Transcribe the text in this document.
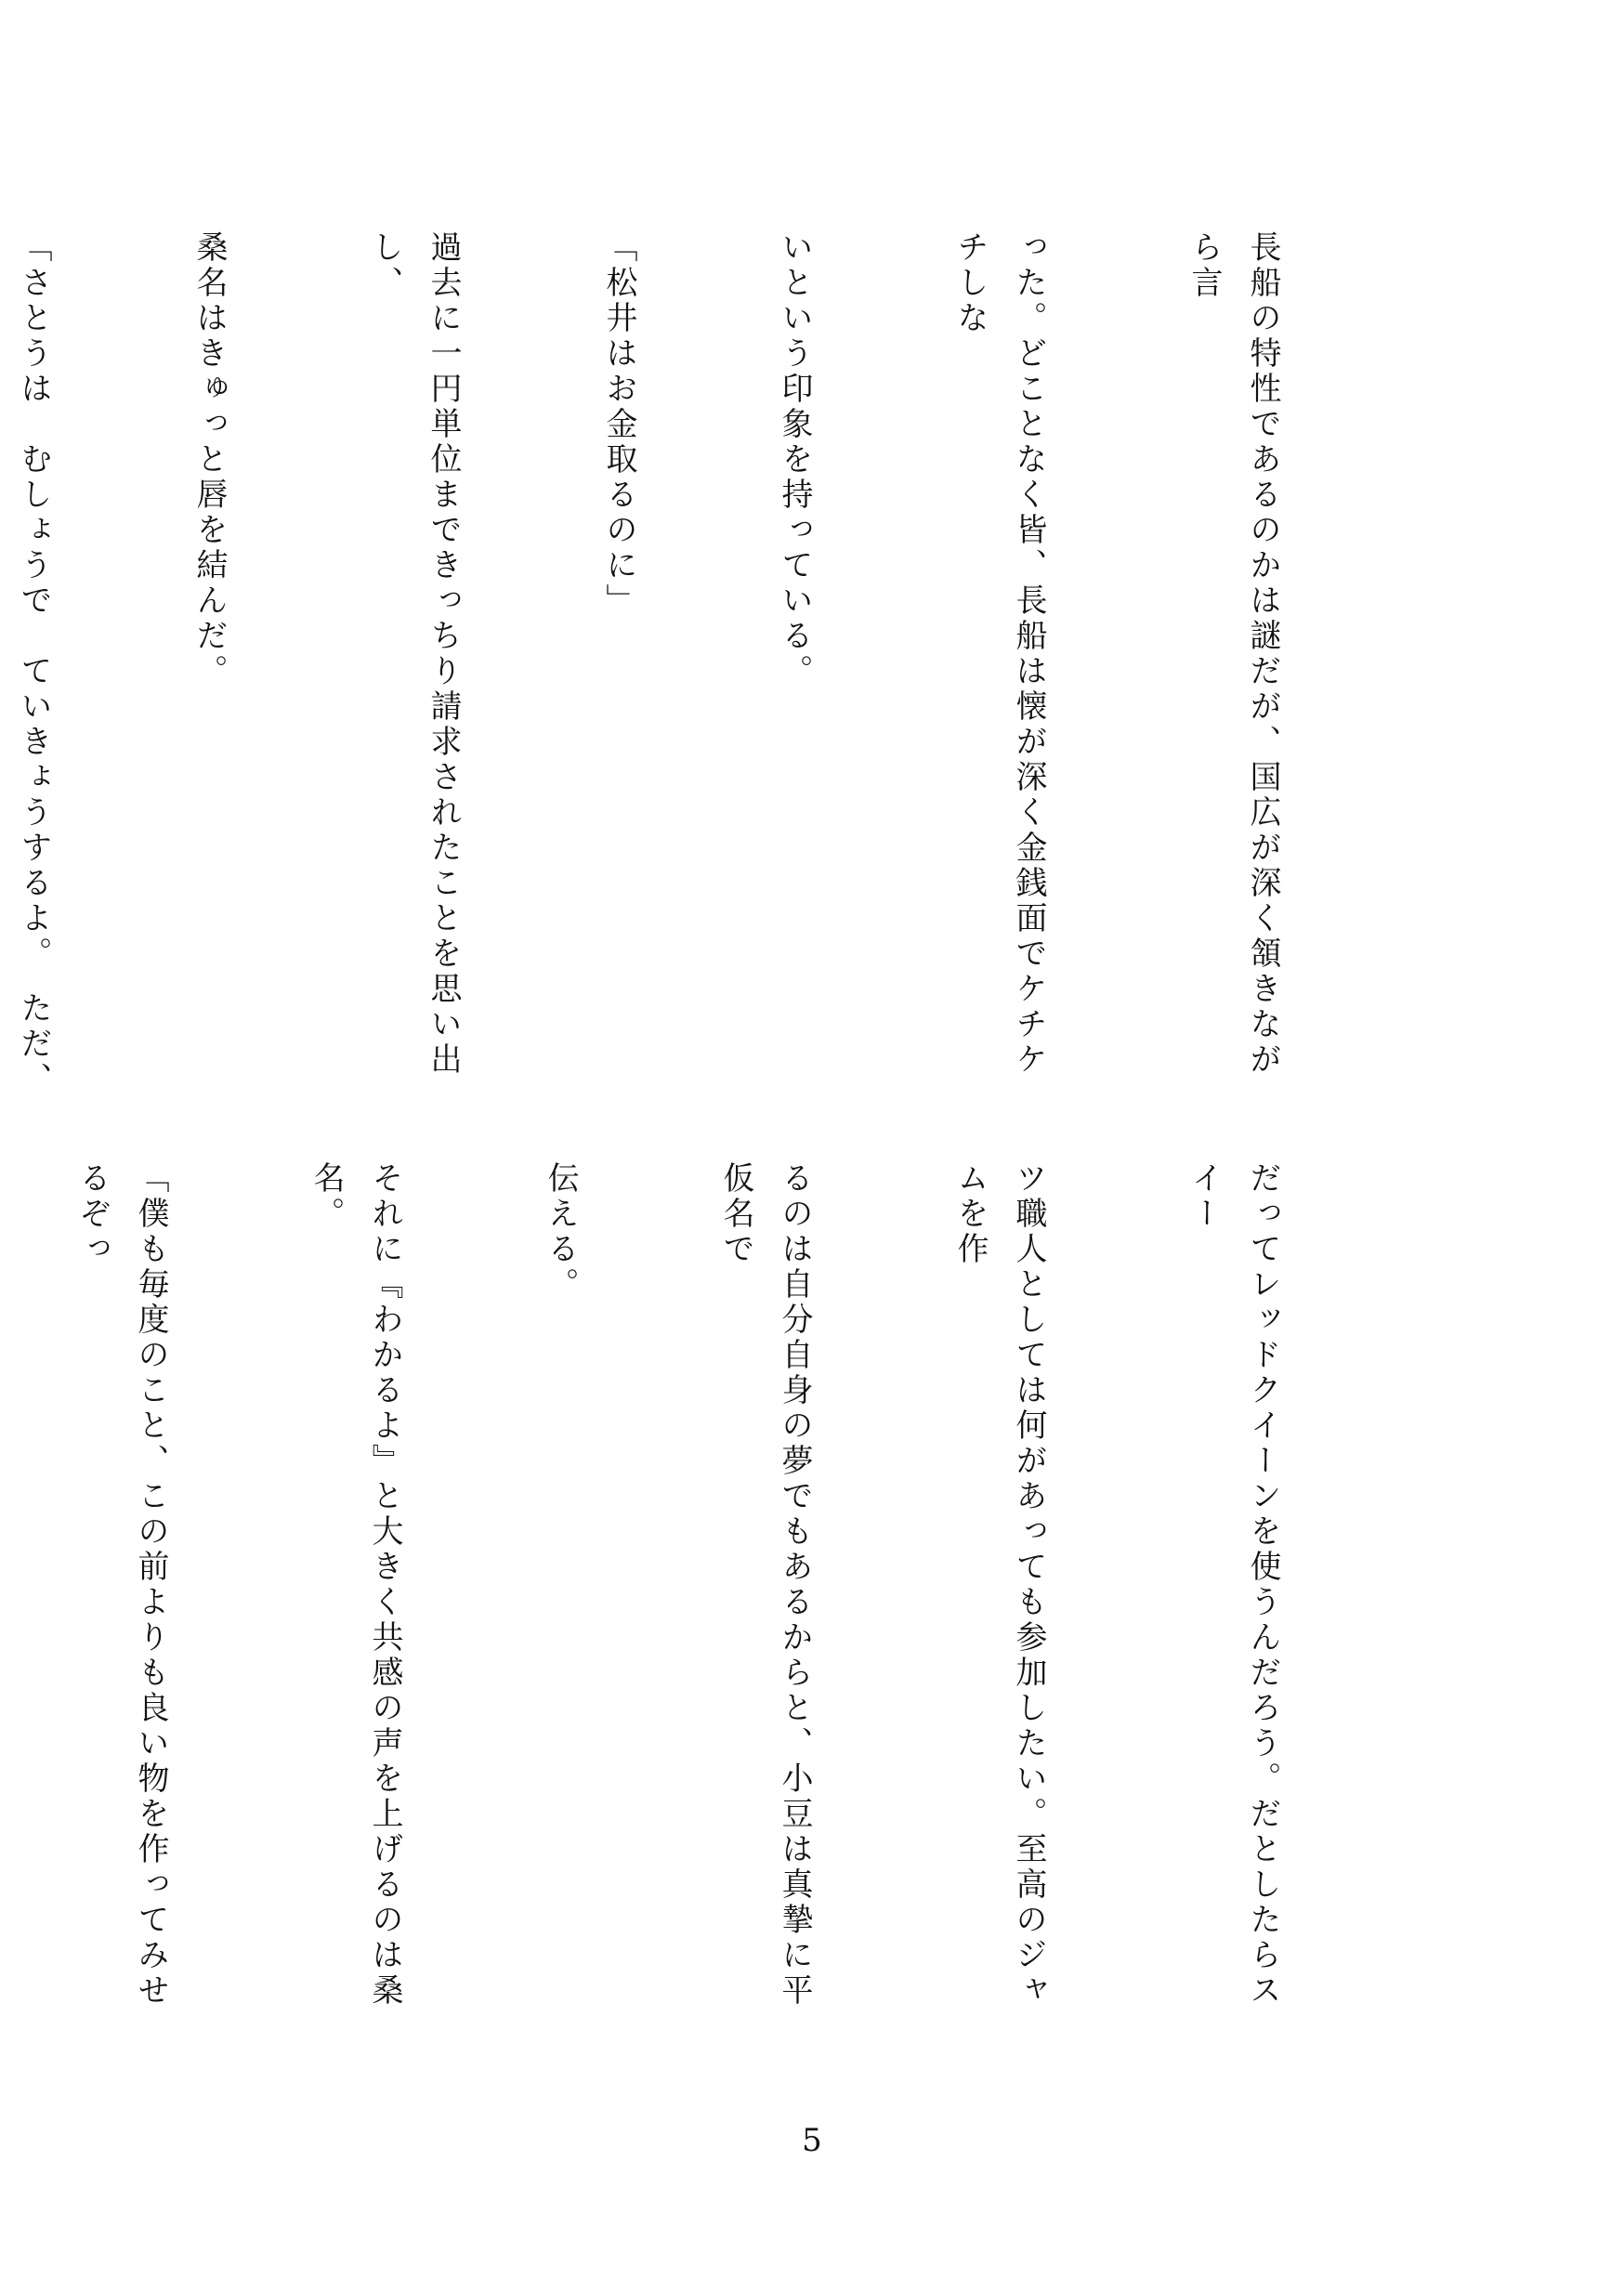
長船の特性であるのかは謎だが、国広が深く頷きながら言

った。どことなく皆、長船は懐が深く金銭面でケチケチしな

いという印象を持っている。

「松井はお金取るのに」

過去に一円単位まできっちり請求されたことを思い出し、

桑名はきゅっと唇を結んだ。

「さとうは　むしょうで　ていきょうするよ。　ただ、　

だってレッドクイーンを使うんだろう。だとしたらスイー

ツ職人としては何があっても参加したい。至高のジャムを作

るのは自分自身の夢でもあるからと、小豆は真摯に平仮名で

伝える。

それに『わかるよ』と大きく共感の声を上げるのは桑名。

「僕も毎度のこと、この前よりも良い物を作ってみせるぞっ

5
